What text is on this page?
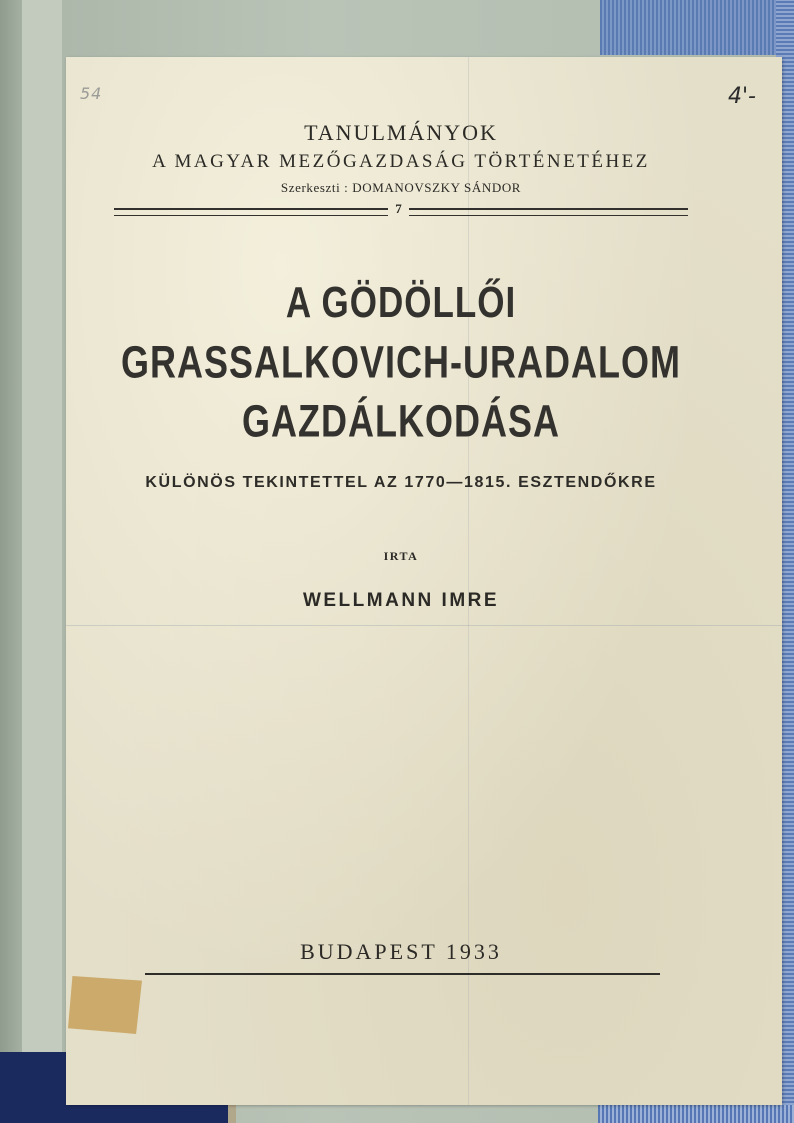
54	4'-
TANULMÁNYOK
A MAGYAR MEZŐGAZDASÁG TÖRTÉNETÉHEZ
Szerkeszti : DOMANOVSZKY SÁNDOR
7
A GÖDÖLLŐI
GRASSALKOVICH-URADALOM
GAZDÁLKODÁSA
KÜLÖNÖS TEKINTETTEL AZ 1770—1815. ESZTENDŐKRE
IRTA
WELLMANN IMRE
BUDAPEST 1933
